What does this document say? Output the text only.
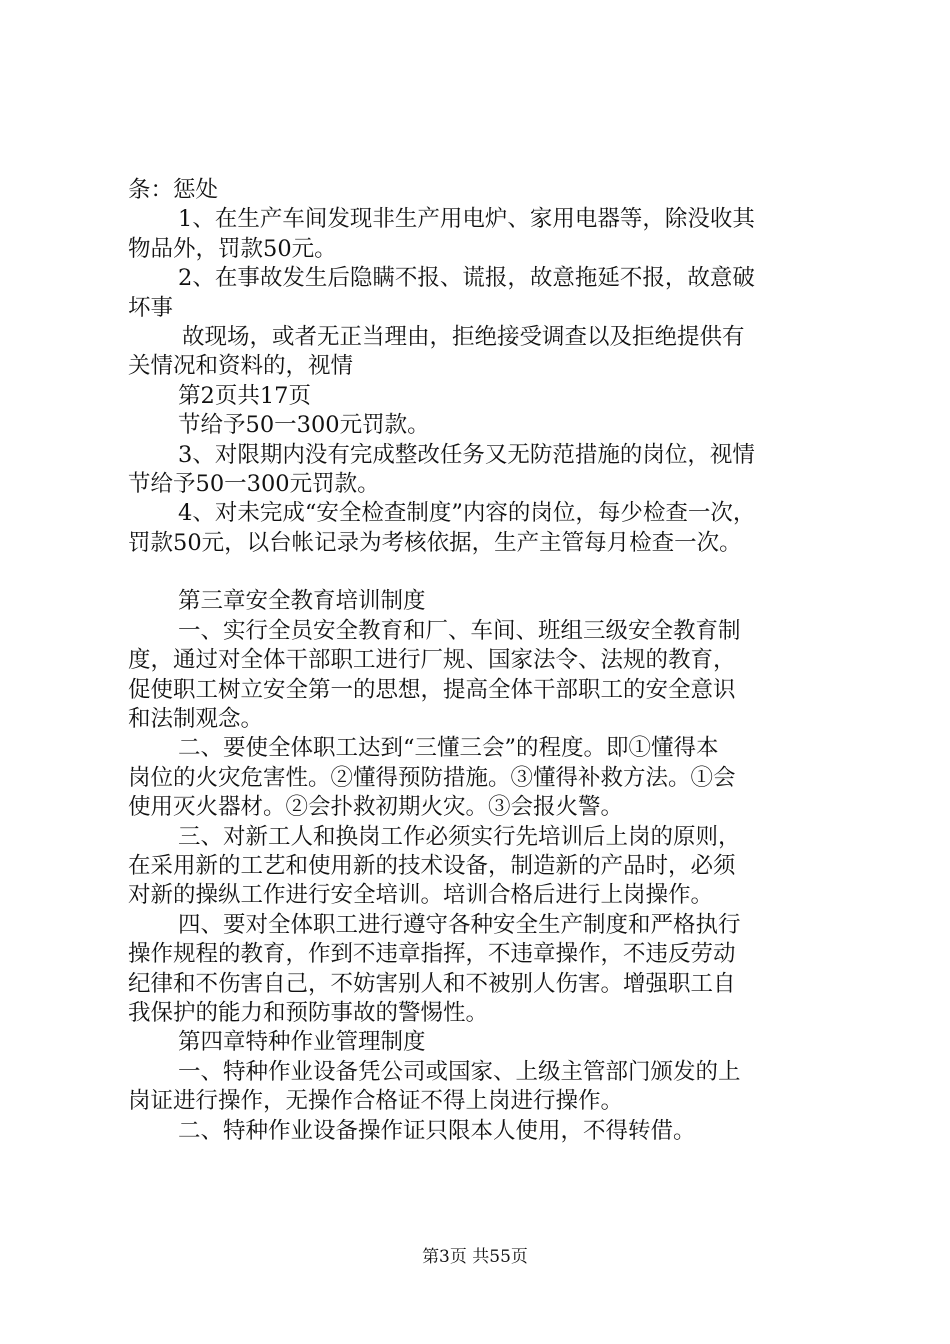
条：惩处
1、在生产车间发现非生产用电炉、家用电器等，除没收其
物品外，罚款50元。
2、在事故发生后隐瞒不报、谎报，故意拖延不报，故意破
坏事
故现场，或者无正当理由，拒绝接受调查以及拒绝提供有
关情况和资料的，视情
第2页共17页
节给予50一300元罚款。
3、对限期内没有完成整改任务又无防范措施的岗位，视情
节给予50一300元罚款。
4、对未完成“安全检查制度”内容的岗位，每少检查一次，
罚款50元，以台帐记录为考核依据，生产主管每月检查一次。
第三章安全教育培训制度
一、实行全员安全教育和厂、车间、班组三级安全教育制
度，通过对全体干部职工进行厂规、国家法令、法规的教育，
促使职工树立安全第一的思想，提高全体干部职工的安全意识
和法制观念。
二、要使全体职工达到“三懂三会”的程度。即①懂得本
岗位的火灾危害性。②懂得预防措施。③懂得补救方法。①会
使用灭火器材。②会扑救初期火灾。③会报火警。
三、对新工人和换岗工作必须实行先培训后上岗的原则，
在采用新的工艺和使用新的技术设备，制造新的产品时，必须
对新的操纵工作进行安全培训。培训合格后进行上岗操作。
四、要对全体职工进行遵守各种安全生产制度和严格执行
操作规程的教育，作到不违章指挥，不违章操作，不违反劳动
纪律和不伤害自己，不妨害别人和不被别人伤害。增强职工自
我保护的能力和预防事故的警惕性。
第四章特种作业管理制度
一、特种作业设备凭公司或国家、上级主管部门颁发的上
岗证进行操作，无操作合格证不得上岗进行操作。
二、特种作业设备操作证只限本人使用，不得转借。
第3页 共55页
